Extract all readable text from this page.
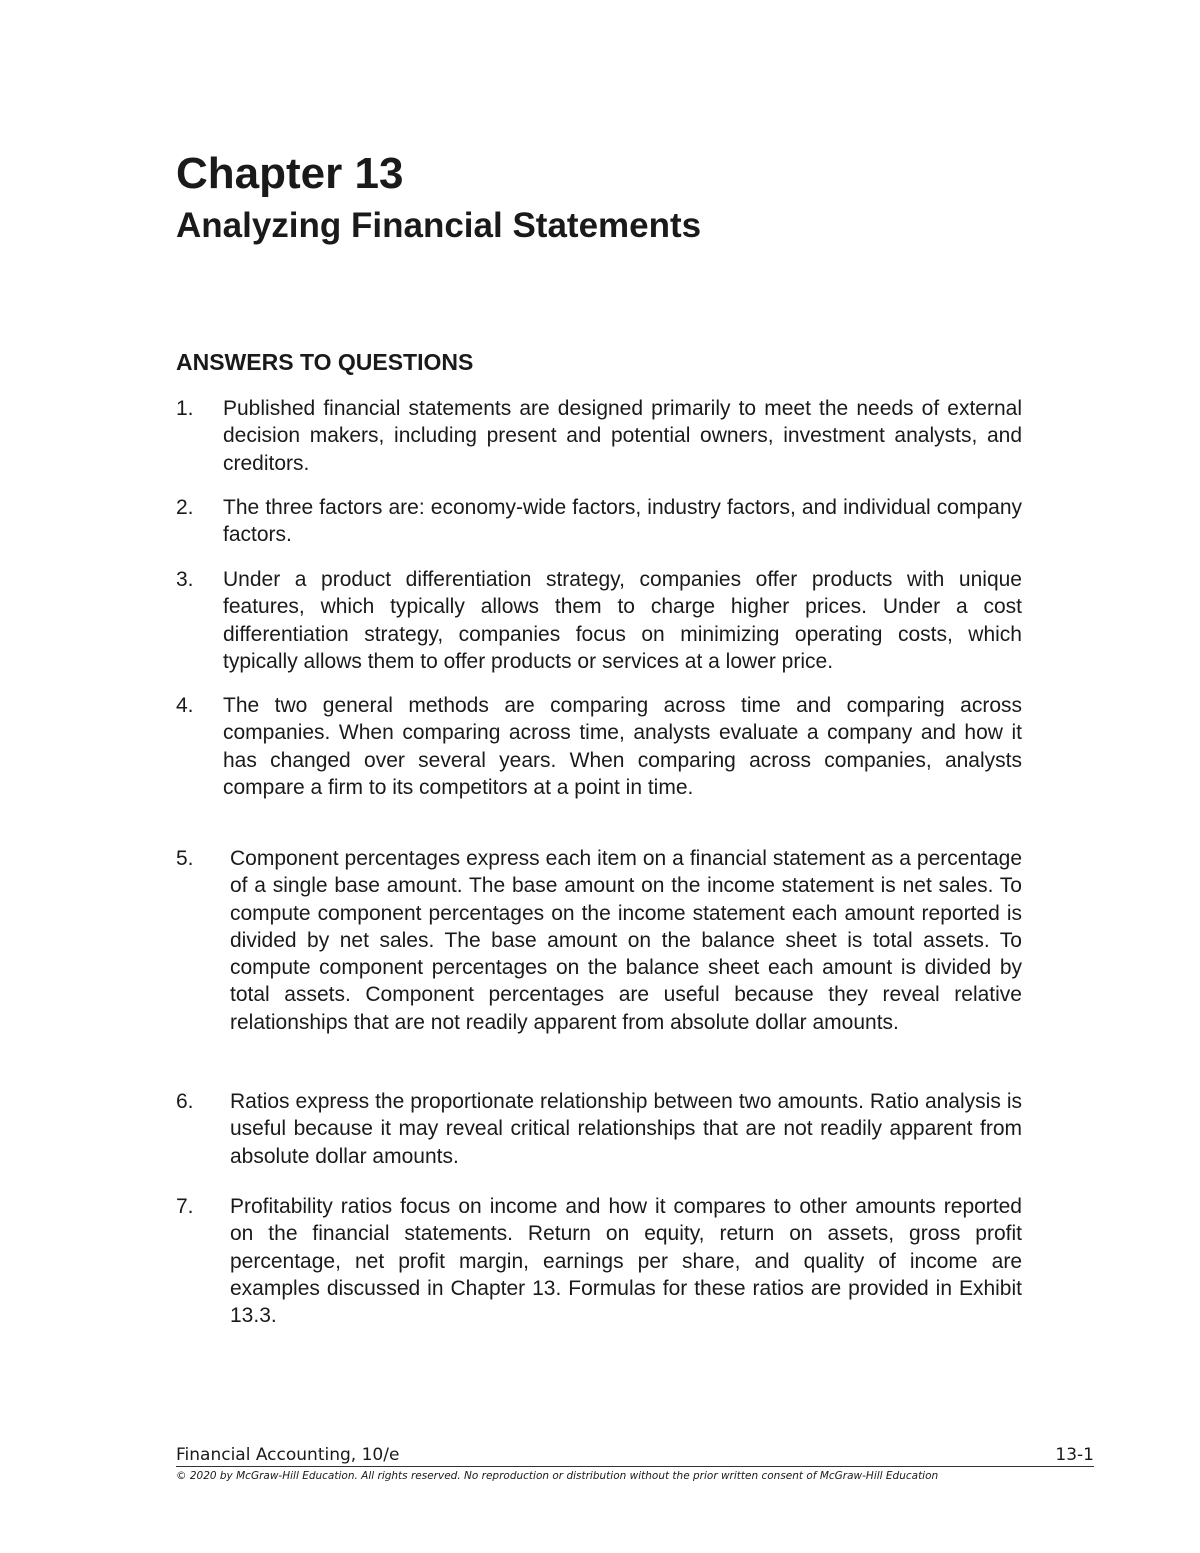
Chapter 13
Analyzing Financial Statements
ANSWERS TO QUESTIONS
1. Published financial statements are designed primarily to meet the needs of external decision makers, including present and potential owners, investment analysts, and creditors.
2. The three factors are: economy-wide factors, industry factors, and individual company factors.
3. Under a product differentiation strategy, companies offer products with unique features, which typically allows them to charge higher prices. Under a cost differentiation strategy, companies focus on minimizing operating costs, which typically allows them to offer products or services at a lower price.
4. The two general methods are comparing across time and comparing across companies. When comparing across time, analysts evaluate a company and how it has changed over several years. When comparing across companies, analysts compare a firm to its competitors at a point in time.
5. Component percentages express each item on a financial statement as a percentage of a single base amount. The base amount on the income statement is net sales. To compute component percentages on the income statement each amount reported is divided by net sales. The base amount on the balance sheet is total assets. To compute component percentages on the balance sheet each amount is divided by total assets. Component percentages are useful because they reveal relative relationships that are not readily apparent from absolute dollar amounts.
6. Ratios express the proportionate relationship between two amounts. Ratio analysis is useful because it may reveal critical relationships that are not readily apparent from absolute dollar amounts.
7. Profitability ratios focus on income and how it compares to other amounts reported on the financial statements. Return on equity, return on assets, gross profit percentage, net profit margin, earnings per share, and quality of income are examples discussed in Chapter 13. Formulas for these ratios are provided in Exhibit 13.3.
Financial Accounting, 10/e	13-1
© 2020 by McGraw-Hill Education. All rights reserved. No reproduction or distribution without the prior written consent of McGraw-Hill Education
